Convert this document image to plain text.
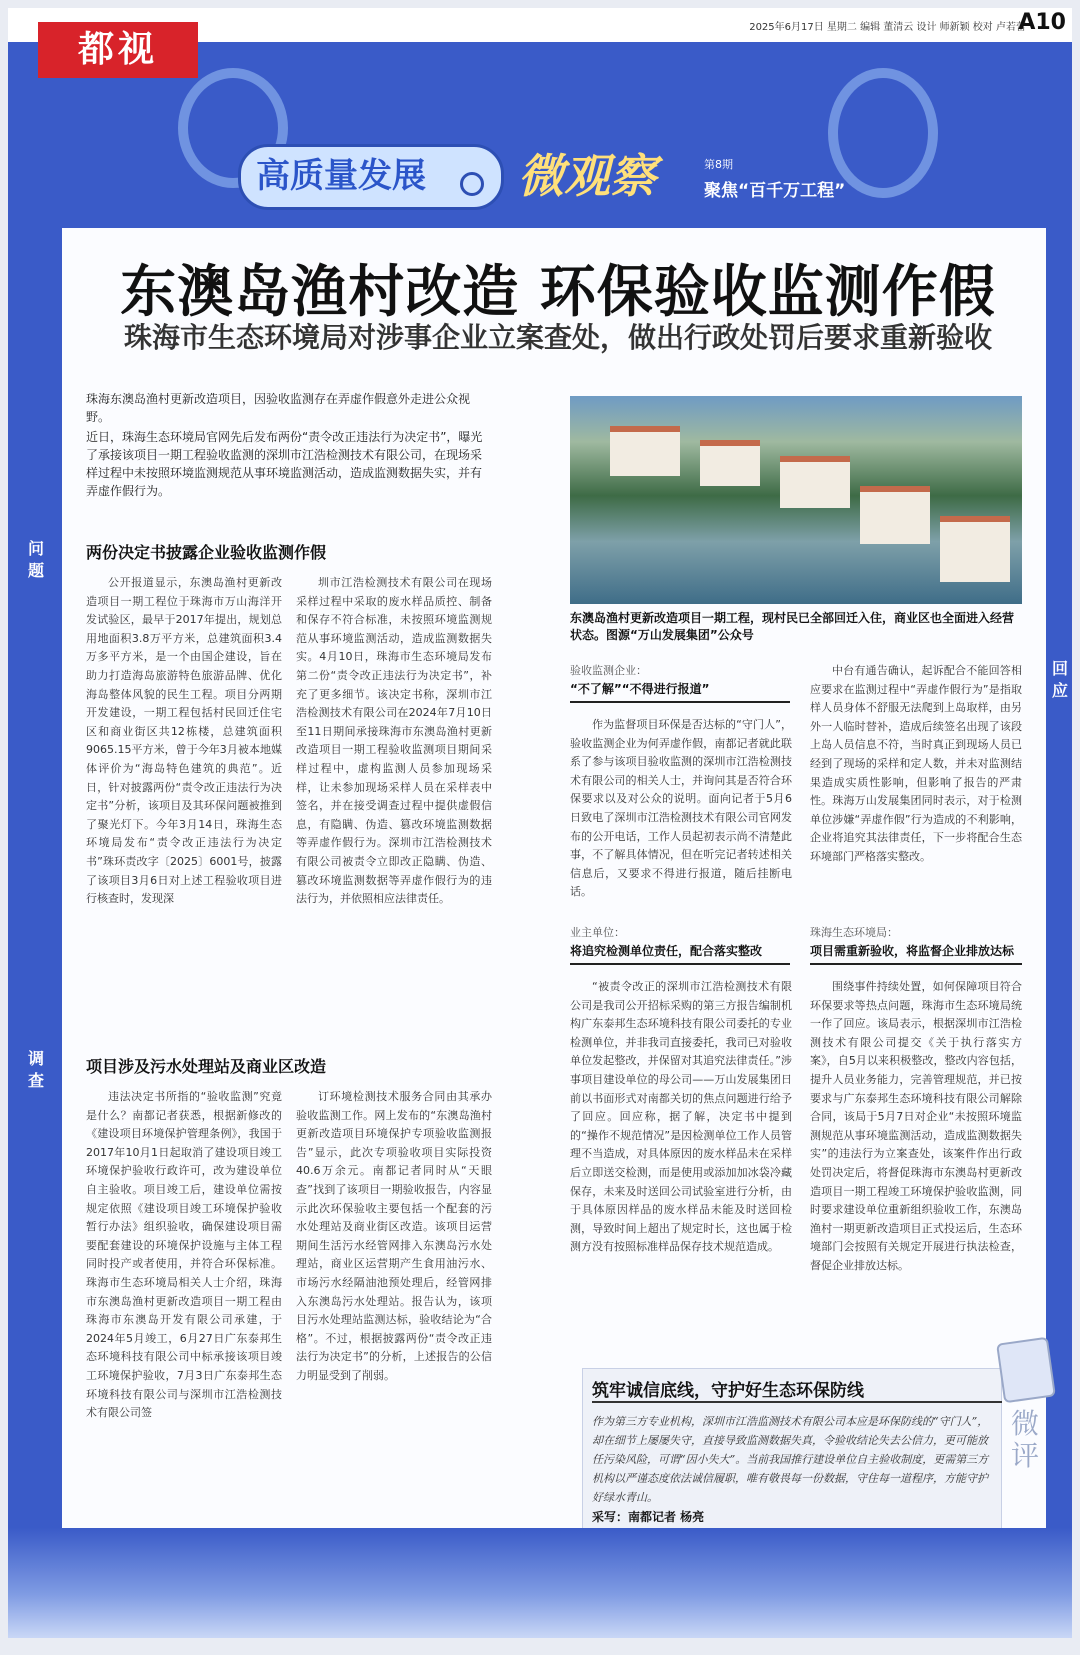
都视
2025年6月17日 星期二 编辑 董清云 设计 师新颖 校对 卢若蕾
A10
高质量发展 微观察	第8期
聚焦“百千万工程”
问题
回应
调查
东澳岛渔村改造 环保验收监测作假
珠海市生态环境局对涉事企业立案查处，做出行政处罚后要求重新验收

珠海东澳岛渔村更新改造项目，因验收监测存在弄虚作假意外走进公众视野。

近日，珠海生态环境局官网先后发布两份“责令改正违法行为决定书”，曝光了承接该项目一期工程验收监测的深圳市江浩检测技术有限公司，在现场采样过程中未按照环境监测规范从事环境监测活动，造成监测数据失实，并有弄虚作假行为。

两份决定书披露企业验收监测作假

公开报道显示，东澳岛渔村更新改造项目一期工程位于珠海市万山海洋开发试验区，最早于2017年提出，规划总用地面积3.8万平方米，总建筑面积3.4万多平方米，是一个由国企建设，旨在助力打造海岛旅游特色旅游品牌、优化海岛整体风貌的民生工程。项目分两期开发建设，一期工程包括村民回迁住宅区和商业街区共12栋楼，总建筑面积9065.15平方米，曾于今年3月被本地媒体评价为“海岛特色建筑的典范”。近日，针对披露两份“责令改正违法行为决定书”分析，该项目及其环保问题被推到了聚光灯下。今年3月14日，珠海生态环境局发布“责令改正违法行为决定书”珠环责改字〔2025〕6001号，披露了该项目3月6日对上述工程验收项目进行核查时，发现深

圳市江浩检测技术有限公司在现场采样过程中采取的废水样品质控、制备和保存不符合标准，未按照环境监测规范从事环境监测活动，造成监测数据失实。4月10日，珠海市生态环境局发布第二份“责令改正违法行为决定书”，补充了更多细节。该决定书称，深圳市江浩检测技术有限公司在2024年7月10日至11日期间承接珠海市东澳岛渔村更新改造项目一期工程验收监测项目期间采样过程中，虚构监测人员参加现场采样，让未参加现场采样人员在采样表中签名，并在接受调查过程中提供虚假信息，有隐瞒、伪造、篡改环境监测数据等弄虚作假行为。深圳市江浩检测技术有限公司被责令立即改正隐瞒、伪造、篡改环境监测数据等弄虚作假行为的违法行为，并依照相应法律责任。

项目涉及污水处理站及商业区改造

违法决定书所指的“验收监测”究竟是什么？南都记者获悉，根据新修改的《建设项目环境保护管理条例》，我国于2017年10月1日起取消了建设项目竣工环境保护验收行政许可，改为建设单位自主验收。项目竣工后，建设单位需按规定依照《建设项目竣工环境保护验收暂行办法》组织验收，确保建设项目需要配套建设的环境保护设施与主体工程同时投产或者使用，并符合环保标准。珠海市生态环境局相关人士介绍，珠海市东澳岛渔村更新改造项目一期工程由珠海市东澳岛开发有限公司承建，于2024年5月竣工，6月27日广东泰邦生态环境科技有限公司中标承接该项目竣工环境保护验收，7月3日广东泰邦生态环境科技有限公司与深圳市江浩检测技术有限公司签

订环境检测技术服务合同由其承办验收监测工作。网上发布的“东澳岛渔村更新改造项目环境保护专项验收监测报告”显示，此次专项验收项目实际投资40.6万余元。南都记者同时从“天眼查”找到了该项目一期验收报告，内容显示此次环保验收主要包括一个配套的污水处理站及商业街区改造。该项目运营期间生活污水经管网排入东澳岛污水处理站，商业区运营期产生食用油污水、市场污水经隔油池预处理后，经管网排入东澳岛污水处理站。报告认为，该项目污水处理站监测达标，验收结论为“合格”。不过，根据披露两份“责令改正违法行为决定书”的分析，上述报告的公信力明显受到了削弱。

东澳岛渔村更新改造项目一期工程，现村民已全部回迁入住，商业区也全面进入经营状态。图源“万山发展集团”公众号
验收监测企业：
“不了解”“不得进行报道”

作为监督项目环保是否达标的“守门人”，验收监测企业为何弄虚作假，南都记者就此联系了参与该项目验收监测的深圳市江浩检测技术有限公司的相关人士，并询问其是否符合环保要求以及对公众的说明。面向记者于5月6日致电了深圳市江浩检测技术有限公司官网发布的公开电话，工作人员起初表示尚不清楚此事，不了解具体情况，但在听完记者转述相关信息后，又要求不得进行报道，随后挂断电话。

中台有通告确认，起诉配合不能回答相应要求在监测过程中“弄虚作假行为”是指取样人员身体不舒服无法爬到上岛取样，由另外一人临时替补，造成后续签名出现了该段上岛人员信息不符，当时真正到现场人员已经到了现场的采样和定人数，并未对监测结果造成实质性影响，但影响了报告的严肃性。珠海万山发展集团同时表示，对于检测单位涉嫌“弄虚作假”行为造成的不利影响，企业将追究其法律责任，下一步将配合生态环境部门严格落实整改。

业主单位：
将追究检测单位责任，配合落实整改

“被责令改正的深圳市江浩检测技术有限公司是我司公开招标采购的第三方报告编制机构广东泰邦生态环境科技有限公司委托的专业检测单位，并非我司直接委托，我司已对验收单位发起整改，并保留对其追究法律责任。”涉事项目建设单位的母公司——万山发展集团日前以书面形式对南都关切的焦点问题进行给予了回应。回应称，据了解，决定书中提到的“操作不规范情况”是因检测单位工作人员管理不当造成，对具体原因的废水样品未在采样后立即送交检测，而是使用或添加加冰袋冷藏保存，未来及时送回公司试验室进行分析，由于具体原因样品的废水样品未能及时送回检测，导致时间上超出了规定时长，这也属于检测方没有按照标准样品保存技术规范造成。

珠海生态环境局：
项目需重新验收，将监督企业排放达标

围绕事件持续处置，如何保障项目符合环保要求等热点问题，珠海市生态环境局统一作了回应。该局表示，根据深圳市江浩检测技术有限公司提交《关于执行落实方案》，自5月以来积极整改，整改内容包括，提升人员业务能力，完善管理规范，并已按要求与广东泰邦生态环境科技有限公司解除合同，该局于5月7日对企业“未按照环境监测规范从事环境监测活动，造成监测数据失实”的违法行为立案查处，该案件作出行政处罚决定后，将督促珠海市东澳岛村更新改造项目一期工程竣工环境保护验收监测，同时要求建设单位重新组织验收工作，东澳岛渔村一期更新改造项目正式投运后，生态环境部门会按照有关规定开展进行执法检查，督促企业排放达标。

筑牢诚信底线，守护好生态环保防线
作为第三方专业机构，深圳市江浩监测技术有限公司本应是环保防线的“守门人”，却在细节上屡屡失守，直接导致监测数据失真，令验收结论失去公信力，更可能放任污染风险，可谓“因小失大”。当前我国推行建设单位自主验收制度，更需第三方机构以严谨态度依法诚信履职，唯有敬畏每一份数据，守住每一道程序，方能守护好绿水青山。
采写：南都记者 杨亮
微评
